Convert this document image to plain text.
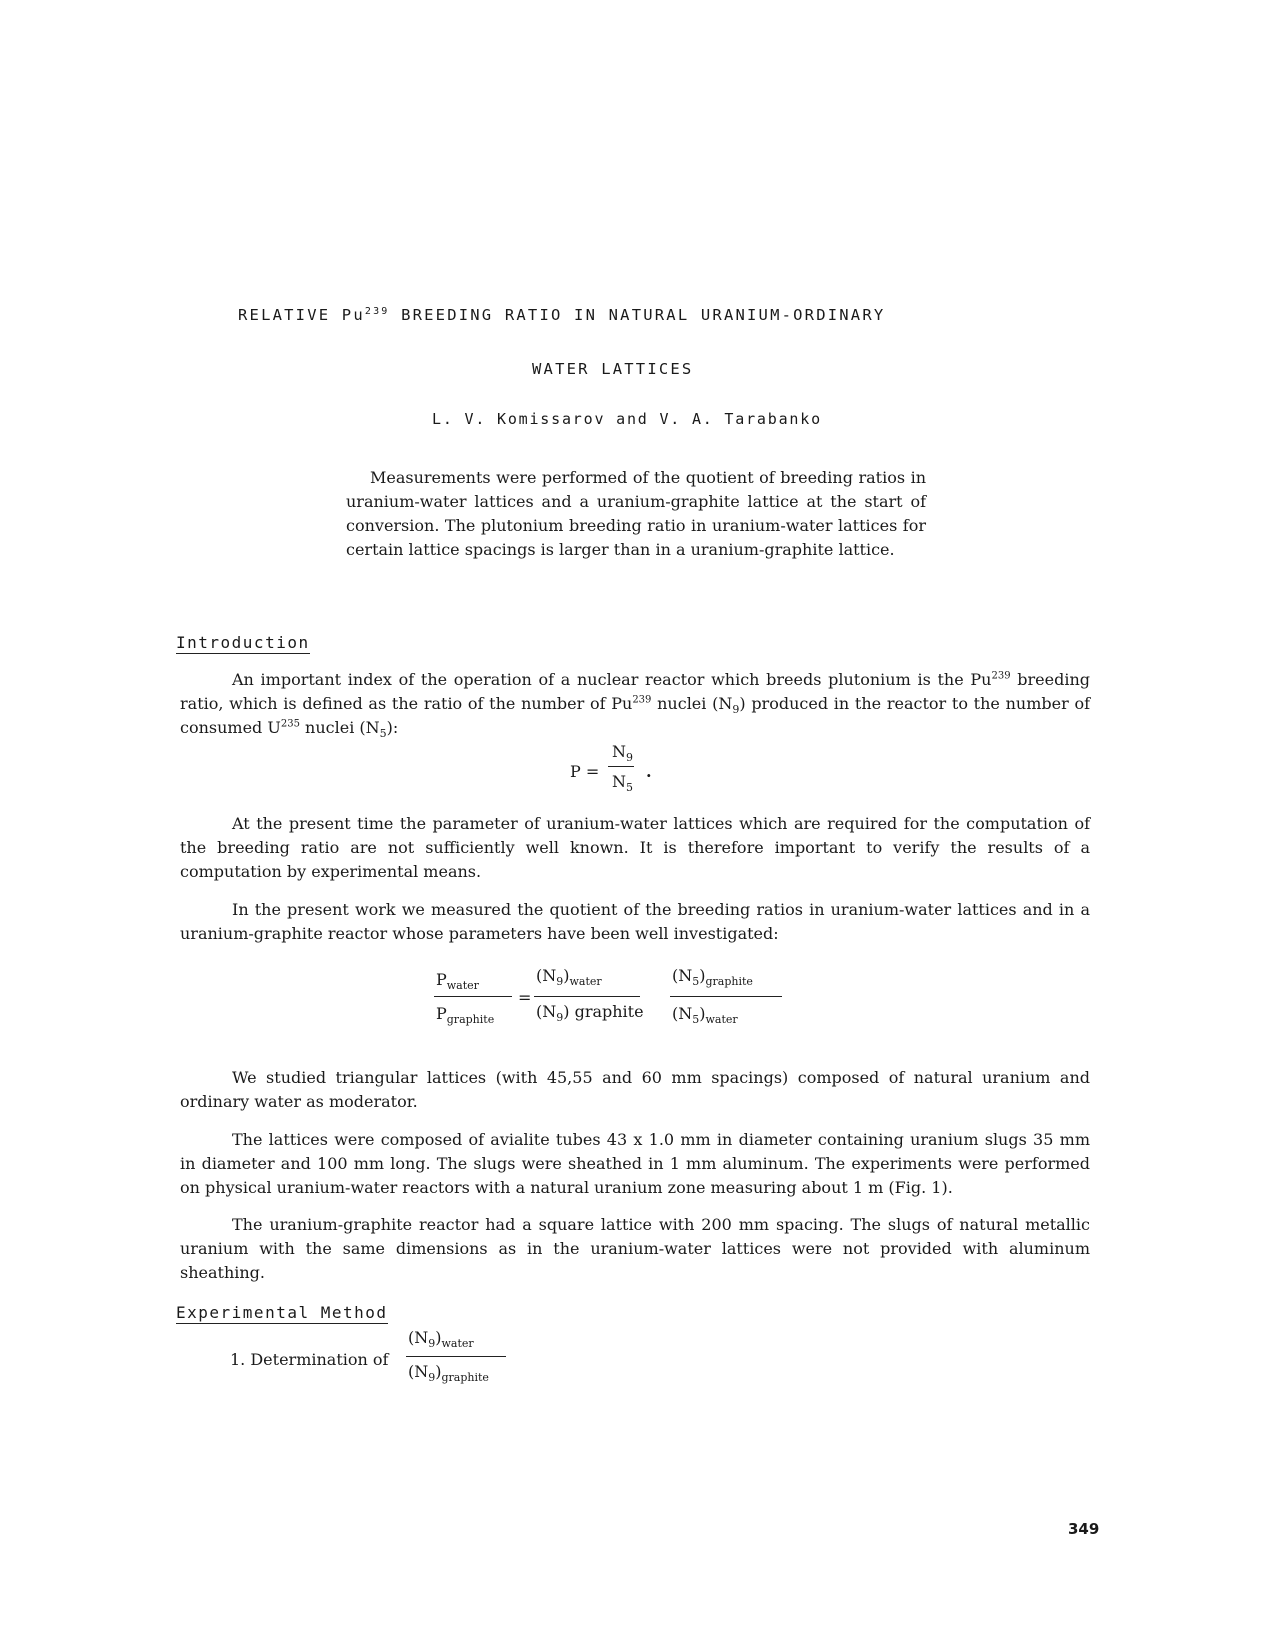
RELATIVE Pu$^{239}$ BREEDING RATIO IN NATURAL URANIUM-ORDINARY
WATER LATTICES
L. V. Komissarov and V. A. Tarabanko
Measurements were performed of the quotient of breeding ratios in uranium-water lattices and a uranium-graphite lattice at the start of conversion. The plutonium breeding ratio in uranium-water lattices for certain lattice spacings is larger than in a uranium-graphite lattice.
Introduction
An important index of the operation of a nuclear reactor which breeds plutonium is the Pu$^{239}$ breeding ratio, which is defined as the ratio of the number of Pu$^{239}$ nuclei $(N_9)$ produced in the reactor to the number of consumed $U^{235}$ nuclei $(N_5)$:
P =
$N_9$
$N_5$
.
At the present time the parameter of uranium-water lattices which are required for the computation of the breeding ratio are not sufficiently well known. It is therefore important to verify the results of a computation by experimental means.
In the present work we measured the quotient of the breeding ratios in uranium-water lattices and in a uranium-graphite reactor whose parameters have been well investigated:
$P_{water}$
$P_{graphite}$
=
$(N_9)_{water}$
$(N_9)$ graphite
$(N_5)_{graphite}$
$(N_5)_{water}$
We studied triangular lattices (with 45,55 and 60 mm spacings) composed of natural uranium and ordinary water as moderator.
The lattices were composed of avialite tubes 43 x 1.0 mm in diameter containing uranium slugs 35 mm in diameter and 100 mm long. The slugs were sheathed in 1 mm aluminum. The experiments were performed on physical uranium-water reactors with a natural uranium zone measuring about 1 m (Fig. 1).
The uranium-graphite reactor had a square lattice with 200 mm spacing. The slugs of natural metallic uranium with the same dimensions as in the uranium-water lattices were not provided with aluminum sheathing.
Experimental Method
1. Determination of
$(N_9)_{water}$
$(N_9)_{graphite}$
349
